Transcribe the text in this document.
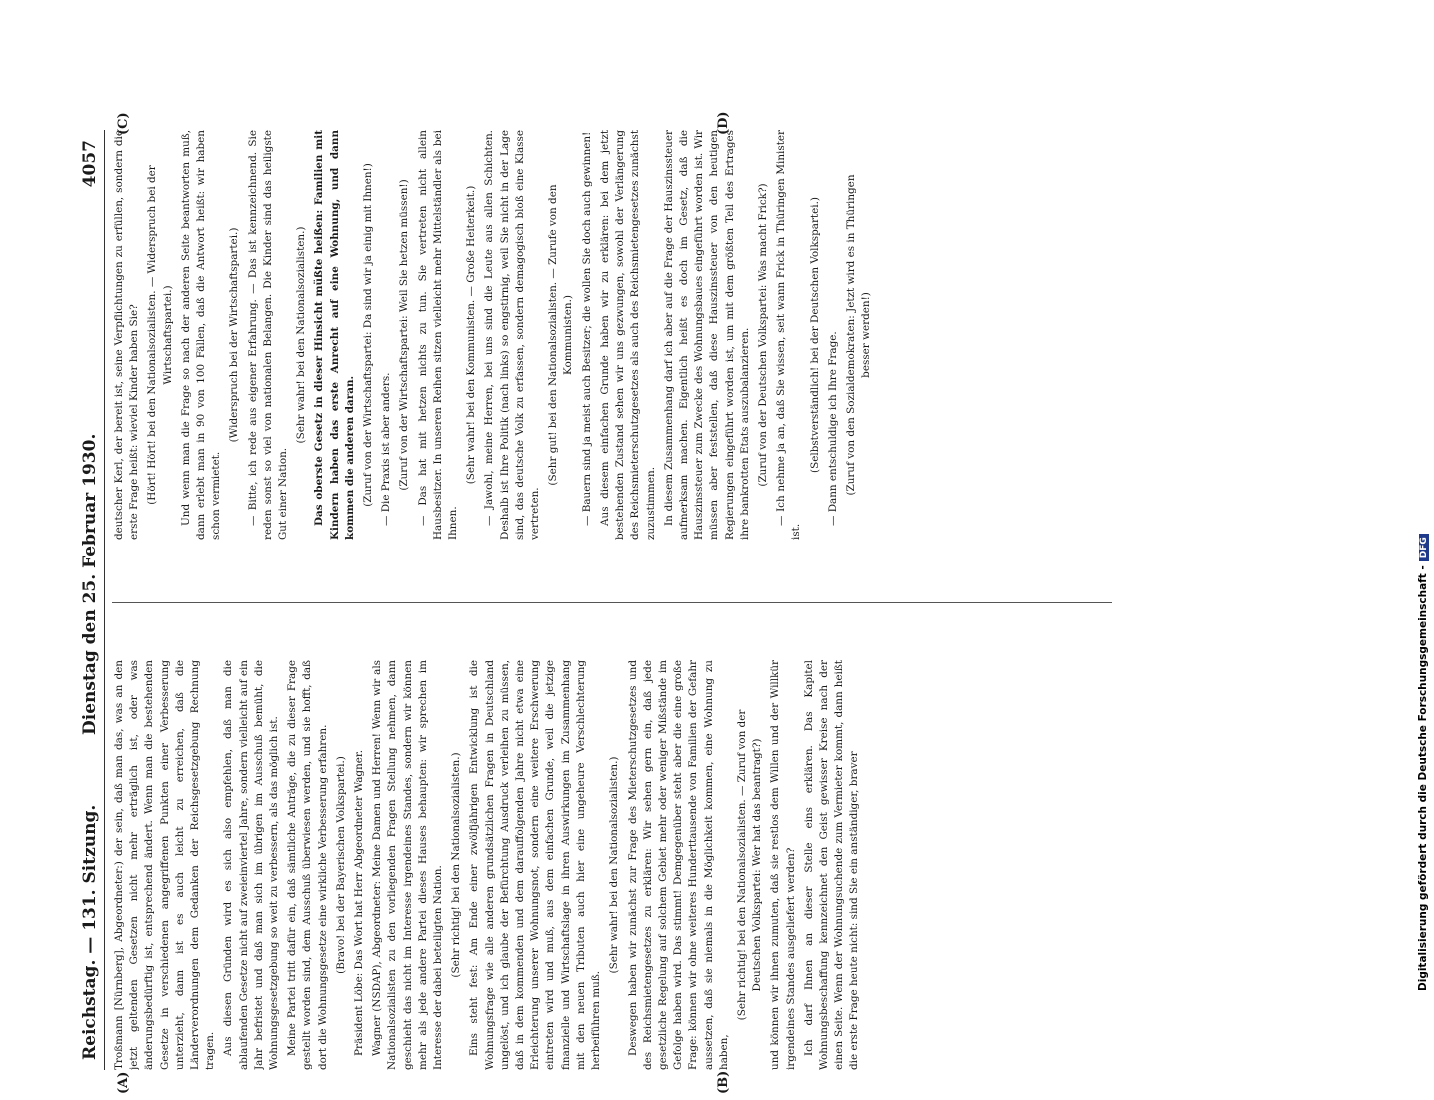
Reichstag. — 131. Sitzung.
Dienstag den 25. Februar 1930.
4057
(A)	(B)
(C)	(D)

Troßmann [Nürnberg], Abgeordneter:) der sein, daß man das, was an den jetzt geltenden Gesetzen nicht mehr erträglich ist, oder was änderungsbedürftig ist, entsprechend ändert. Wenn man die bestehenden Gesetze in verschiedenen angegriffenen Punkten einer Verbesserung unterzieht, dann ist es auch leicht zu erreichen, daß die Länderverordnungen dem Gedanken der Reichsgesetzgebung Rechnung tragen. Aus diesen Gründen wird es sich also empfehlen, daß man die ablaufenden Gesetze nicht auf zweieinviertel Jahre, sondern vielleicht auf ein Jahr befristet und daß man sich im übrigen im Ausschuß bemüht, die Wohnungsgesetzgebung so weit zu verbessern, als das möglich ist. Meine Partei tritt dafür ein, daß sämtliche Anträge, die zu dieser Frage gestellt worden sind, dem Ausschuß überwiesen werden, und sie hofft, daß dort die Wohnungsgesetze eine wirkliche Verbesserung erfahren. (Bravo! bei der Bayerischen Volkspartei.) Präsident Löbe: Das Wort hat Herr Abgeordneter Wagner. Wagner (NSDAP), Abgeordneter: Meine Damen und Herren! Wenn wir als Nationalsozialisten zu den vorliegenden Fragen Stellung nehmen, dann geschieht das nicht im Interesse irgendeines Standes, sondern wir können mehr als jede andere Partei dieses Hauses behaupten: wir sprechen im Interesse der dabei beteiligten Nation. (Sehr richtig! bei den Nationalsozialisten.) Eins steht fest: Am Ende einer zwölfjährigen Entwicklung ist die Wohnungsfrage wie alle anderen grundsätzlichen Fragen in Deutschland ungelöst, und ich glaube der Befürchtung Ausdruck verleihen zu müssen, daß in dem kommenden und dem darauffolgenden Jahre nicht etwa eine Erleichterung unserer Wohnungsnot, sondern eine weitere Erschwerung eintreten wird und muß, aus dem einfachen Grunde, weil die jetzige finanzielle und Wirtschaftslage in ihren Auswirkungen im Zusammenhang mit den neuen Tributen auch hier eine ungeheure Verschlechterung herbeiführen muß.

(Sehr wahr! bei den Nationalsozialisten.) Deswegen haben wir zunächst zur Frage des Mieterschutzgesetzes und des Reichsmietengesetzes zu erklären: Wir sehen gern ein, daß jede gesetzliche Regelung auf solchem Gebiet mehr oder weniger Mißstände im Gefolge haben wird. Das stimmt! Demgegenüber steht aber die eine große Frage: können wir ohne weiteres Hunderttausende von Familien der Gefahr aussetzen, daß sie niemals in die Möglichkeit kommen, eine Wohnung zu haben,

(Sehr richtig! bei den Nationalsozialisten. — Zuruf von der Deutschen Volkspartei: Wer hat das beantragt?) und können wir ihnen zumuten, daß sie restlos dem Willen und der Willkür irgendeines Standes ausgeliefert werden? Ich darf Ihnen an dieser Stelle eins erklären. Das Kapitel Wohnungsbeschaffung kennzeichnet den Geist gewisser Kreise nach der einen Seite. Wenn der Wohnungsuchende zum Vermieter kommt, dann heißt die erste Frage heute nicht: sind Sie ein anständiger, braver

deutscher Kerl, der bereit ist, seine Verpflichtungen zu erfüllen, sondern die erste Frage heißt: wieviel Kinder haben Sie? (Hört! Hört! bei den Nationalsozialisten. — Widerspruch bei der Wirtschaftspartei.) Und wenn man die Frage so nach der anderen Seite beantworten muß, dann erlebt man in 90 von 100 Fällen, daß die Antwort heißt: wir haben schon vermietet.

(Widerspruch bei der Wirtschaftspartei.) — Bitte, ich rede aus eigener Erfahrung. — Das ist kennzeichnend. Sie reden sonst so viel von nationalen Belangen. Die Kinder sind das heiligste Gut einer Nation.

(Sehr wahr! bei den Nationalsozialisten.) Das oberste Gesetz in dieser Hinsicht müßte heißen: Familien mit Kindern haben das erste Anrecht auf eine Wohnung, und dann kommen die anderen daran. (Zuruf von der Wirtschaftspartei: Da sind wir ja einig mit Ihnen!) — Die Praxis ist aber anders. (Zuruf von der Wirtschaftspartei: Weil Sie hetzen müssen!) — Das hat mit hetzen nichts zu tun. Sie vertreten nicht allein Hausbesitzer. In unseren Reihen sitzen vielleicht mehr Mittelständler als bei Ihnen.

(Sehr wahr! bei den Kommunisten. — Große Heiterkeit.) — Jawohl, meine Herren, bei uns sind die Leute aus allen Schichten. Deshalb ist Ihre Politik (nach links) so engstirnig, weil Sie nicht in der Lage sind, das deutsche Volk zu erfassen, sondern demagogisch bloß eine Klasse vertreten.

(Sehr gut! bei den Nationalsozialisten. — Zurufe von den Kommunisten.) — Bauern sind ja meist auch Besitzer; die wollen Sie doch auch gewinnen! Aus diesem einfachen Grunde haben wir zu erklären: bei dem jetzt bestehenden Zustand sehen wir uns gezwungen, sowohl der Verlängerung des Reichsmieterschutzgesetzes als auch des Reichsmietengesetzes zunächst zuzustimmen. In diesem Zusammenhang darf ich aber auf die Frage der Hauszinssteuer aufmerksam machen. Eigentlich heißt es doch im Gesetz, daß die Hauszinssteuer zum Zwecke des Wohnungsbaues eingeführt worden ist. Wir müssen aber feststellen, daß diese Hauszinssteuer von den heutigen Regierungen eingeführt worden ist, um mit dem größten Teil des Ertrages ihre bankrotten Etats auszubalanzieren. (Zuruf von der Deutschen Volkspartei: Was macht Frick?) — Ich nehme ja an, daß Sie wissen, seit wann Frick in Thüringen Minister ist.

(Selbstverständlich! bei der Deutschen Volkspartei.) — Dann entschuldige ich Ihre Frage. (Zuruf von den Sozialdemokraten: Jetzt wird es in Thüringen besser werden!)

Digitalisierung gefördert durch die Deutsche Forschungsgemeinschaft -DFG
